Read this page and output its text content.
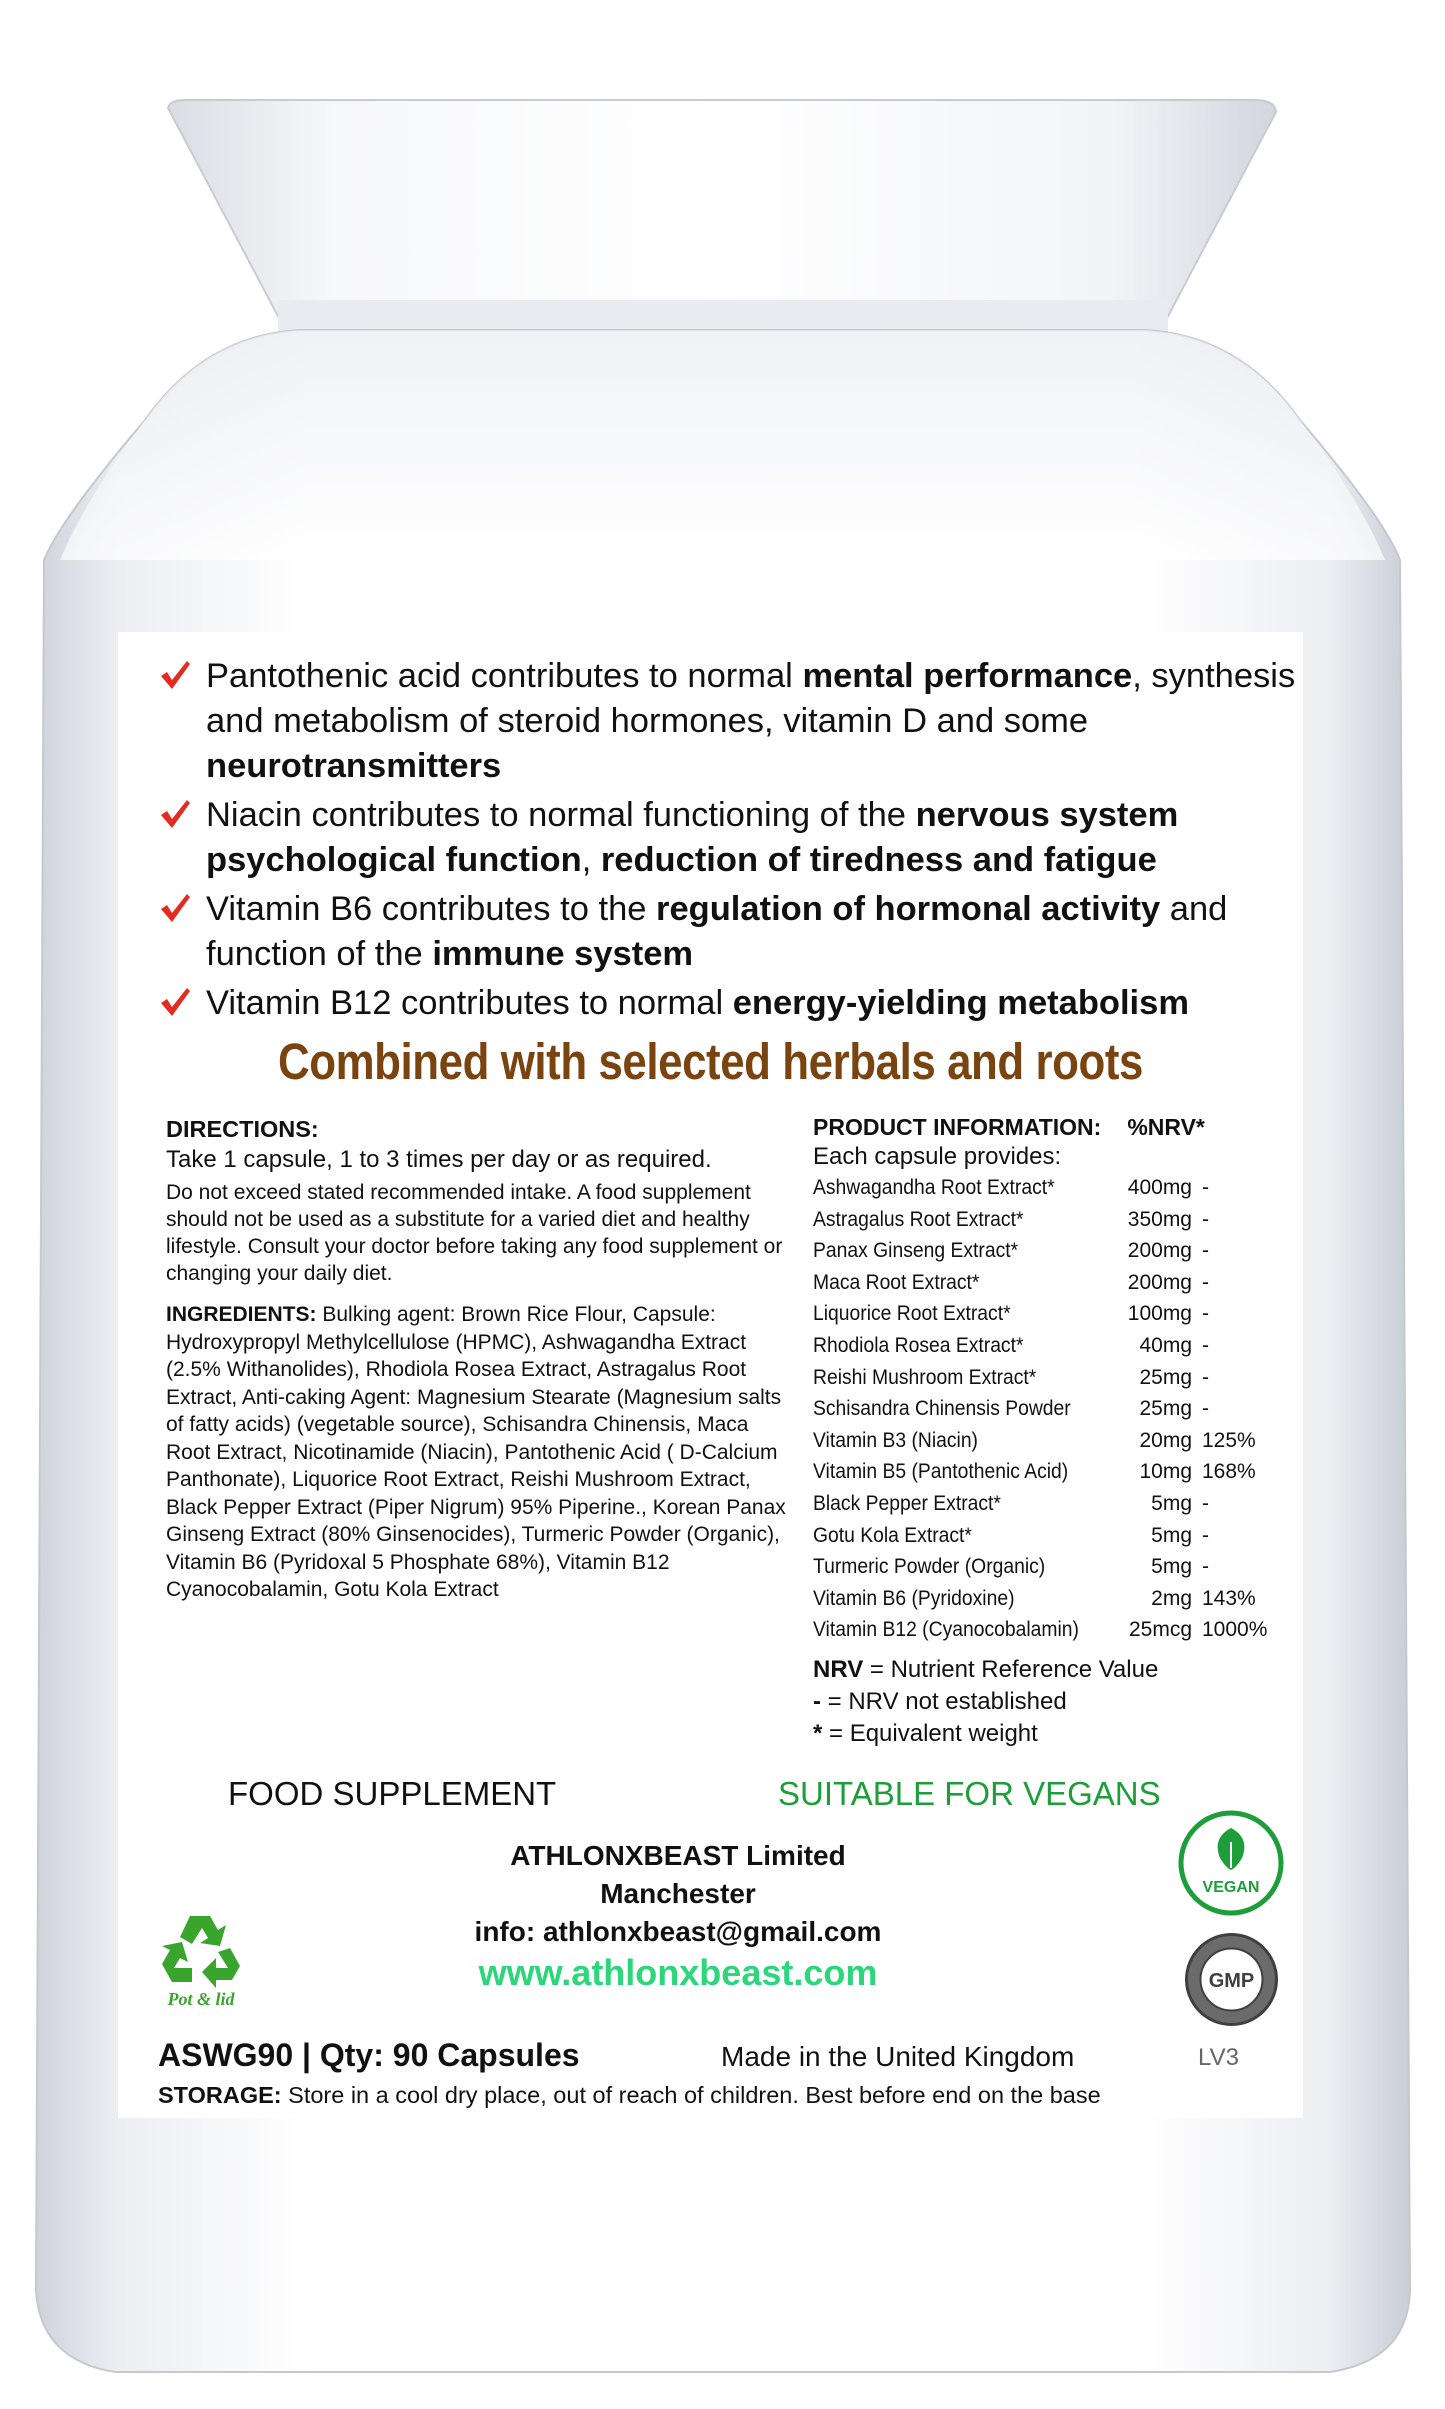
Pantothenic acid contributes to normal mental performance, synthesis and metabolism of steroid hormones, vitamin D and some neurotransmitters
Niacin contributes to normal functioning of the nervous system psychological function, reduction of tiredness and fatigue
Vitamin B6 contributes to the regulation of hormonal activity and function of the immune system
Vitamin B12 contributes to normal energy-yielding metabolism
Combined with selected herbals and roots
DIRECTIONS:
Take 1 capsule, 1 to 3 times per day or as required.
Do not exceed stated recommended intake. A food supplement should not be used as a substitute for a varied diet and healthy lifestyle. Consult your doctor before taking any food supplement or changing your daily diet.
INGREDIENTS: Bulking agent: Brown Rice Flour, Capsule: Hydroxypropyl Methylcellulose (HPMC), Ashwagandha Extract (2.5% Withanolides), Rhodiola Rosea Extract, Astragalus Root Extract, Anti-caking Agent: Magnesium Stearate (Magnesium salts of fatty acids) (vegetable source), Schisandra Chinensis, Maca Root Extract, Nicotinamide (Niacin), Pantothenic Acid ( D-Calcium Panthonate), Liquorice Root Extract, Reishi Mushroom Extract, Black Pepper Extract (Piper Nigrum) 95% Piperine., Korean Panax Ginseng Extract (80% Ginsenocides), Turmeric Powder (Organic), Vitamin B6 (Pyridoxal 5 Phosphate 68%), Vitamin B12 Cyanocobalamin, Gotu Kola Extract
PRODUCT INFORMATION: %NRV*
Each capsule provides:
Ashwagandha Root Extract*	400mg -
Astragalus Root Extract*	350mg -
Panax Ginseng Extract*	200mg -
Maca Root Extract*	200mg -
Liquorice Root Extract*	100mg -
Rhodiola Rosea Extract*	40mg -
Reishi Mushroom Extract*	25mg -
Schisandra Chinensis Powder	25mg -
Vitamin B3 (Niacin)	20mg 125%
Vitamin B5 (Pantothenic Acid)	10mg 168%
Black Pepper Extract*	5mg -
Gotu Kola Extract*	5mg -
Turmeric Powder (Organic)	5mg -
Vitamin B6 (Pyridoxine)	2mg 143%
Vitamin B12 (Cyanocobalamin)	25mcg 1000%
NRV = Nutrient Reference Value
- = NRV not established
* = Equivalent weight
FOOD SUPPLEMENT	SUITABLE FOR VEGANS
ATHLONXBEAST Limited
Manchester
info: athlonxbeast@gmail.com
www.athlonxbeast.com
Pot & lid
VEGAN
GMP
ASWG90 | Qty: 90 Capsules	Made in the United Kingdom	LV3
STORAGE: Store in a cool dry place, out of reach of children. Best before end on the base
